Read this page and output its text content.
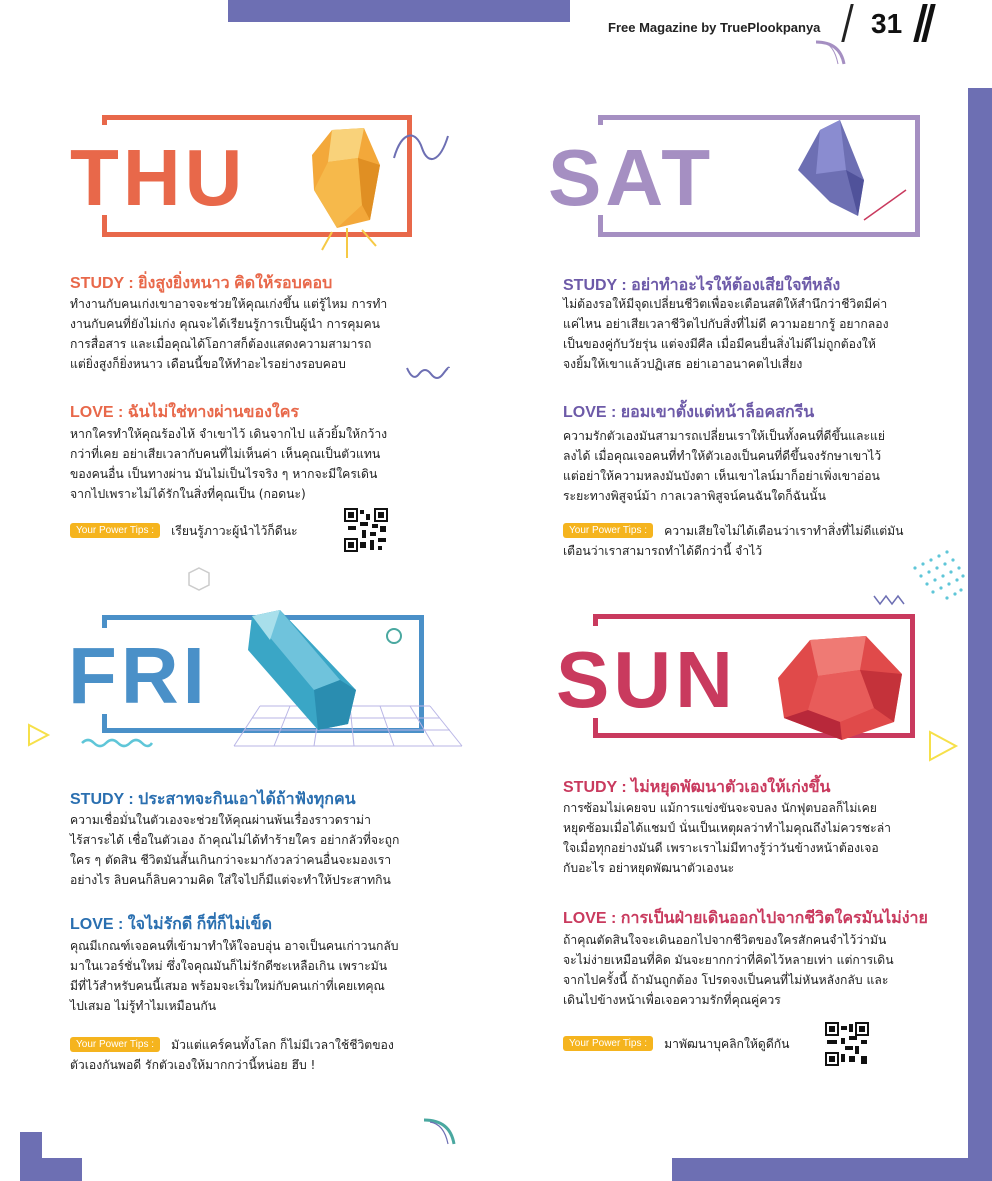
Free Magazine by TruePlookpanya 31
THU
STUDY : ยิ่งสูงยิ่งหนาว คิดให้รอบคอบ
ทำงานกับคนเก่งเขาอาจจะช่วยให้คุณเก่งขึ้น แต่รู้ไหม การทำ
งานกับคนที่ยังไม่เก่ง คุณจะได้เรียนรู้การเป็นผู้นำ การคุมคน
การสื่อสาร และเมื่อคุณได้โอกาสก็ต้องแสดงความสามารถ
แต่ยิ่งสูงก็ยิ่งหนาว เดือนนี้ขอให้ทำอะไรอย่างรอบคอบ
LOVE : ฉันไม่ใช่ทางผ่านของใคร
หากใครทำให้คุณร้องไห้ จำเขาไว้ เดินจากไป แล้วยิ้มให้กว้าง
กว่าที่เคย อย่าเสียเวลากับคนที่ไม่เห็นค่า เห็นคุณเป็นตัวแทน
ของคนอื่น เป็นทางผ่าน มันไม่เป็นไรจริง ๆ หากจะมีใครเดิน
จากไปเพราะไม่ได้รักในสิ่งที่คุณเป็น (กอดนะ)
Your Power Tips : เรียนรู้ภาวะผู้นำไว้ก็ดีนะ
SAT
STUDY : อย่าทำอะไรให้ต้องเสียใจทีหลัง
ไม่ต้องรอให้มีจุดเปลี่ยนชีวิตเพื่อจะเตือนสติให้สำนึกว่าชีวิตมีค่า
แค่ไหน อย่าเสียเวลาชีวิตไปกับสิ่งที่ไม่ดี ความอยากรู้ อยากลอง
เป็นของคู่กับวัยรุ่น แต่จงมีศีล เมื่อมีคนยื่นสิ่งไม่ดีไม่ถูกต้องให้
จงยิ้มให้เขาแล้วปฏิเสธ อย่าเอาอนาคตไปเสี่ยง
LOVE : ยอมเขาตั้งแต่หน้าล็อคสกรีน
ความรักตัวเองมันสามารถเปลี่ยนเราให้เป็นทั้งคนที่ดีขึ้นและแย่
ลงได้ เมื่อคุณเจอคนที่ทำให้ตัวเองเป็นคนที่ดีขึ้นจงรักษาเขาไว้
แต่อย่าให้ความหลงมันบังตา เห็นเขาไลน์มาก็อย่าเพิ่งเขาอ่อน
ระยะทางพิสูจน์ม้า กาลเวลาพิสูจน์คนฉันใดก็ฉันนั้น
Your Power Tips : ความเสียใจไม่ได้เตือนว่าเราทำสิ่งที่ไม่ดีแต่มัน
เตือนว่าเราสามารถทำได้ดีกว่านี้ จำไว้
FRI
STUDY : ประสาทจะกินเอาได้ถ้าฟังทุกคน
ความเชื่อมั่นในตัวเองจะช่วยให้คุณผ่านพ้นเรื่องราวดราม่า
ไร้สาระได้ เชื่อในตัวเอง ถ้าคุณไม่ได้ทำร้ายใคร อย่ากลัวที่จะถูก
ใคร ๆ ตัดสิน ชีวิตมันสั้นเกินกว่าจะมากังวลว่าคนอื่นจะมองเรา
อย่างไร ลิบคนก็ลิบความคิด ใส่ใจไปก็มีแต่จะทำให้ประสาทกิน
LOVE : ใจไม่รักดี ก็ที่ก็ไม่เข็ด
คุณมีเกณฑ์เจอคนที่เข้ามาทำให้ใจอบอุ่น อาจเป็นคนเก่าวนกลับ
มาในเวอร์ชั่นใหม่ ซึ่งใจคุณมันก็ไม่รักดีซะเหลือเกิน เพราะมัน
มีที่ไว้สำหรับคนนี้เสมอ พร้อมจะเริ่มใหม่กับคนเก่าที่เคยเทคุณ
ไปเสมอ ไม่รู้ทำไมเหมือนกัน
Your Power Tips : มัวแต่แคร์คนทั้งโลก ก็ไม่มีเวลาใช้ชีวิตของ
ตัวเองกันพอดี รักตัวเองให้มากกว่านี้หน่อย ฮึบ !
SUN
STUDY : ไม่หยุดพัฒนาตัวเองให้เก่งขึ้น
การซ้อมไม่เคยจบ แม้การแข่งขันจะจบลง นักฟุตบอลก็ไม่เคย
หยุดซ้อมเมื่อได้แชมป์ นั่นเป็นเหตุผลว่าทำไมคุณถึงไม่ควรชะล่า
ใจเมื่อทุกอย่างมันดี เพราะเราไม่มีทางรู้ว่าวันข้างหน้าต้องเจอ
กับอะไร อย่าหยุดพัฒนาตัวเองนะ
LOVE : การเป็นฝ่ายเดินออกไปจากชีวิตใครมันไม่ง่าย
ถ้าคุณตัดสินใจจะเดินออกไปจากชีวิตของใครสักคนจำไว้ว่ามัน
จะไม่ง่ายเหมือนที่คิด มันจะยากกว่าที่คิดไว้หลายเท่า แต่การเดิน
จากไปครั้งนี้ ถ้ามันถูกต้อง โปรดจงเป็นคนที่ไม่หันหลังกลับ และ
เดินไปข้างหน้าเพื่อเจอความรักที่คุณคู่ควร
Your Power Tips : มาพัฒนาบุคลิกให้ดูดีกัน
